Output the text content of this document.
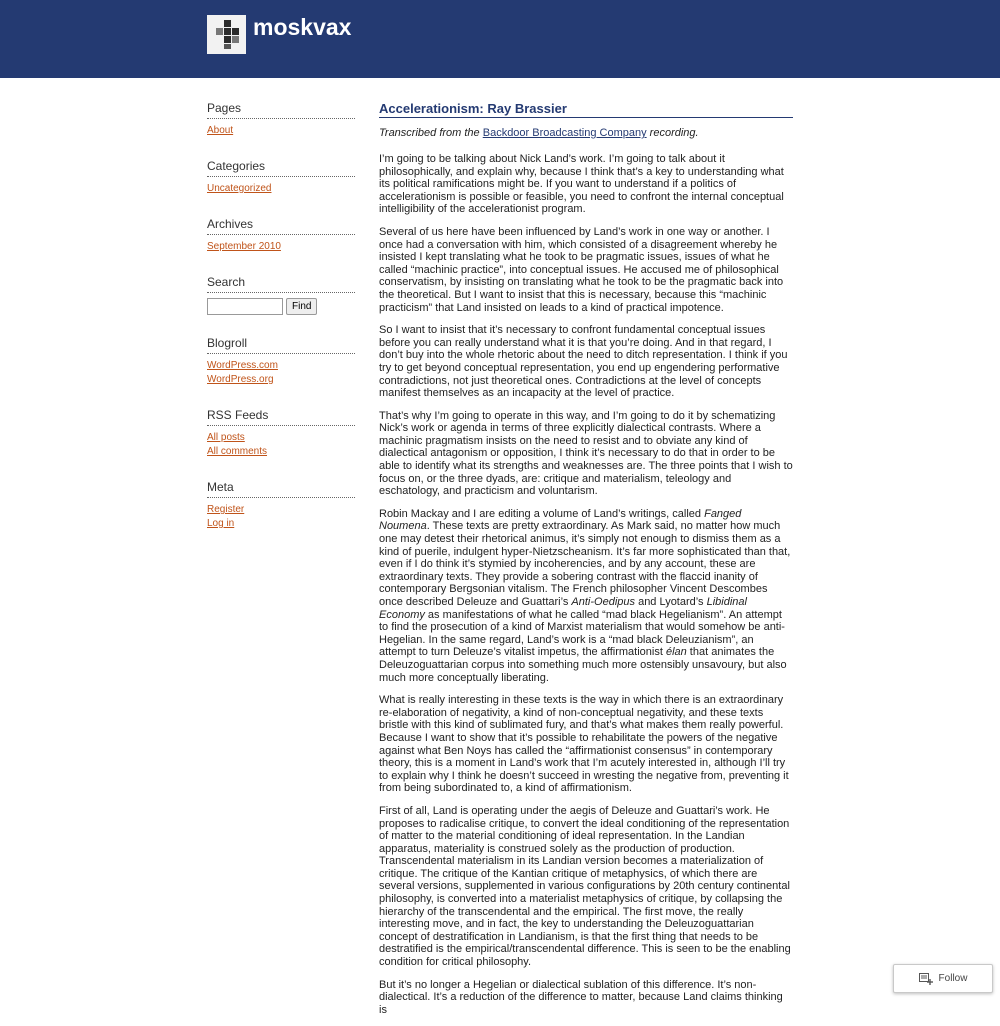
moskvax
Pages
About
Categories
Uncategorized
Archives
September 2010
Search
Find
Blogroll
WordPress.com
WordPress.org
RSS Feeds
All posts
All comments
Meta
Register
Log in
Accelerationism: Ray Brassier
Transcribed from the Backdoor Broadcasting Company recording.

I’m going to be talking about Nick Land’s work. I’m going to talk about it philosophically, and explain why, because I think that’s a key to understanding what its political ramifications might be. If you want to understand if a politics of accelerationism is possible or feasible, you need to confront the internal conceptual intelligibility of the accelerationist program.

Several of us here have been influenced by Land’s work in one way or another. I once had a conversation with him, which consisted of a disagreement whereby he insisted I kept translating what he took to be pragmatic issues, issues of what he called “machinic practice”, into conceptual issues. He accused me of philosophical conservatism, by insisting on translating what he took to be the pragmatic back into the theoretical. But I want to insist that this is necessary, because this “machinic practicism” that Land insisted on leads to a kind of practical impotence.

So I want to insist that it’s necessary to confront fundamental conceptual issues before you can really understand what it is that you’re doing. And in that regard, I don’t buy into the whole rhetoric about the need to ditch representation. I think if you try to get beyond conceptual representation, you end up engendering performative contradictions, not just theoretical ones. Contradictions at the level of concepts manifest themselves as an incapacity at the level of practice.

That’s why I’m going to operate in this way, and I’m going to do it by schematizing Nick’s work or agenda in terms of three explicitly dialectical contrasts. Where a machinic pragmatism insists on the need to resist and to obviate any kind of dialectical antagonism or opposition, I think it’s necessary to do that in order to be able to identify what its strengths and weaknesses are. The three points that I wish to focus on, or the three dyads, are: critique and materialism, teleology and eschatology, and practicism and voluntarism.

Robin Mackay and I are editing a volume of Land’s writings, called Fanged Noumena. These texts are pretty extraordinary. As Mark said, no matter how much one may detest their rhetorical animus, it’s simply not enough to dismiss them as a kind of puerile, indulgent hyper-Nietzscheanism. It’s far more sophisticated than that, even if I do think it’s stymied by incoherencies, and by any account, these are extraordinary texts. They provide a sobering contrast with the flaccid inanity of contemporary Bergsonian vitalism. The French philosopher Vincent Descombes once described Deleuze and Guattari’s Anti-Oedipus and Lyotard’s Libidinal Economy as manifestations of what he called “mad black Hegelianism”. An attempt to find the prosecution of a kind of Marxist materialism that would somehow be anti-Hegelian. In the same regard, Land’s work is a “mad black Deleuzianism”, an attempt to turn Deleuze’s vitalist impetus, the affirmationist élan that animates the Deleuzoguattarian corpus into something much more ostensibly unsavoury, but also much more conceptually liberating.

What is really interesting in these texts is the way in which there is an extraordinary re-elaboration of negativity, a kind of non-conceptual negativity, and these texts bristle with this kind of sublimated fury, and that’s what makes them really powerful. Because I want to show that it’s possible to rehabilitate the powers of the negative against what Ben Noys has called the “affirmationist consensus” in contemporary theory, this is a moment in Land’s work that I’m acutely interested in, although I’ll try to explain why I think he doesn’t succeed in wresting the negative from, preventing it from being subordinated to, a kind of affirmationism.

First of all, Land is operating under the aegis of Deleuze and Guattari’s work. He proposes to radicalise critique, to convert the ideal conditioning of the representation of matter to the material conditioning of ideal representation. In the Landian apparatus, materiality is construed solely as the production of production. Transcendental materialism in its Landian version becomes a materialization of critique. The critique of the Kantian critique of metaphysics, of which there are several versions, supplemented in various configurations by 20th century continental philosophy, is converted into a materialist metaphysics of critique, by collapsing the hierarchy of the transcendental and the empirical. The first move, the really interesting move, and in fact, the key to understanding the Deleuzoguattarian concept of destratification in Landianism, is that the first thing that needs to be destratified is the empirical/transcendental difference. This is seen to be the enabling condition for critical philosophy.

But it’s no longer a Hegelian or dialectical sublation of this difference. It’s non-dialectical. It’s a reduction of the difference to matter, because Land claims thinking is

Follow
